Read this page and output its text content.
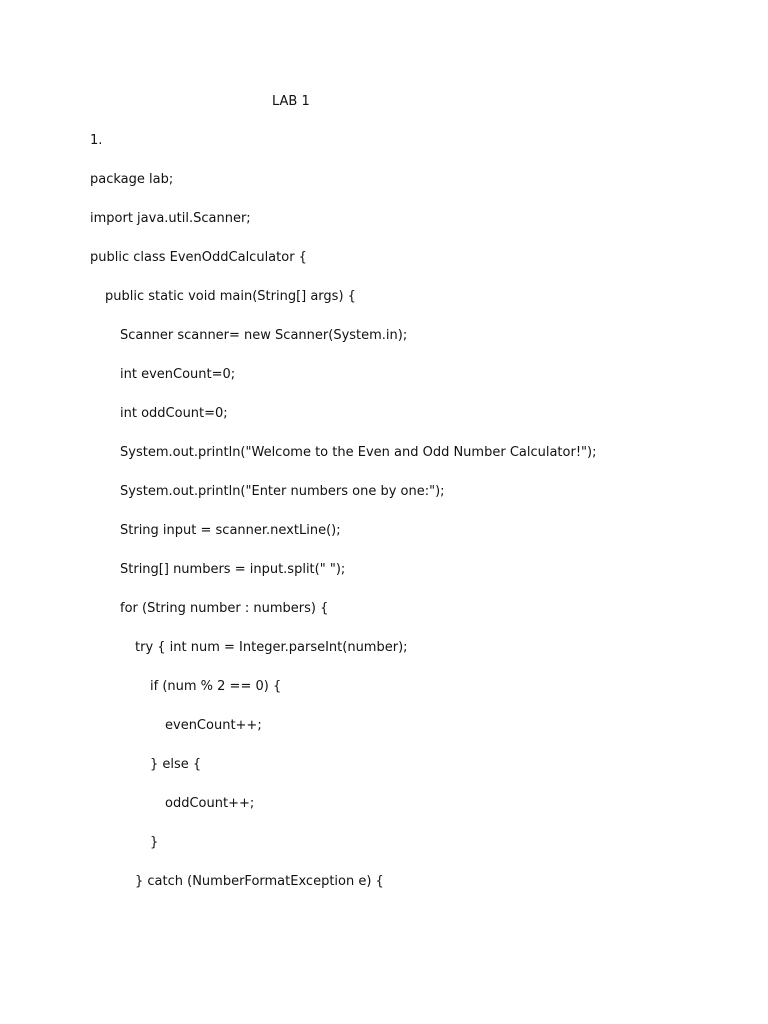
LAB 1
1.
package lab;
import java.util.Scanner;
public class EvenOddCalculator {
public static void main(String[] args) {
Scanner scanner= new Scanner(System.in);
int evenCount=0;
int oddCount=0;
System.out.println("Welcome to the Even and Odd Number Calculator!");
System.out.println("Enter numbers one by one:");
String input = scanner.nextLine();
String[] numbers = input.split(" ");
for (String number : numbers) {
try { int num = Integer.parseInt(number);
if (num % 2 == 0) {
evenCount++;
} else {
oddCount++;
}
} catch (NumberFormatException e) {
